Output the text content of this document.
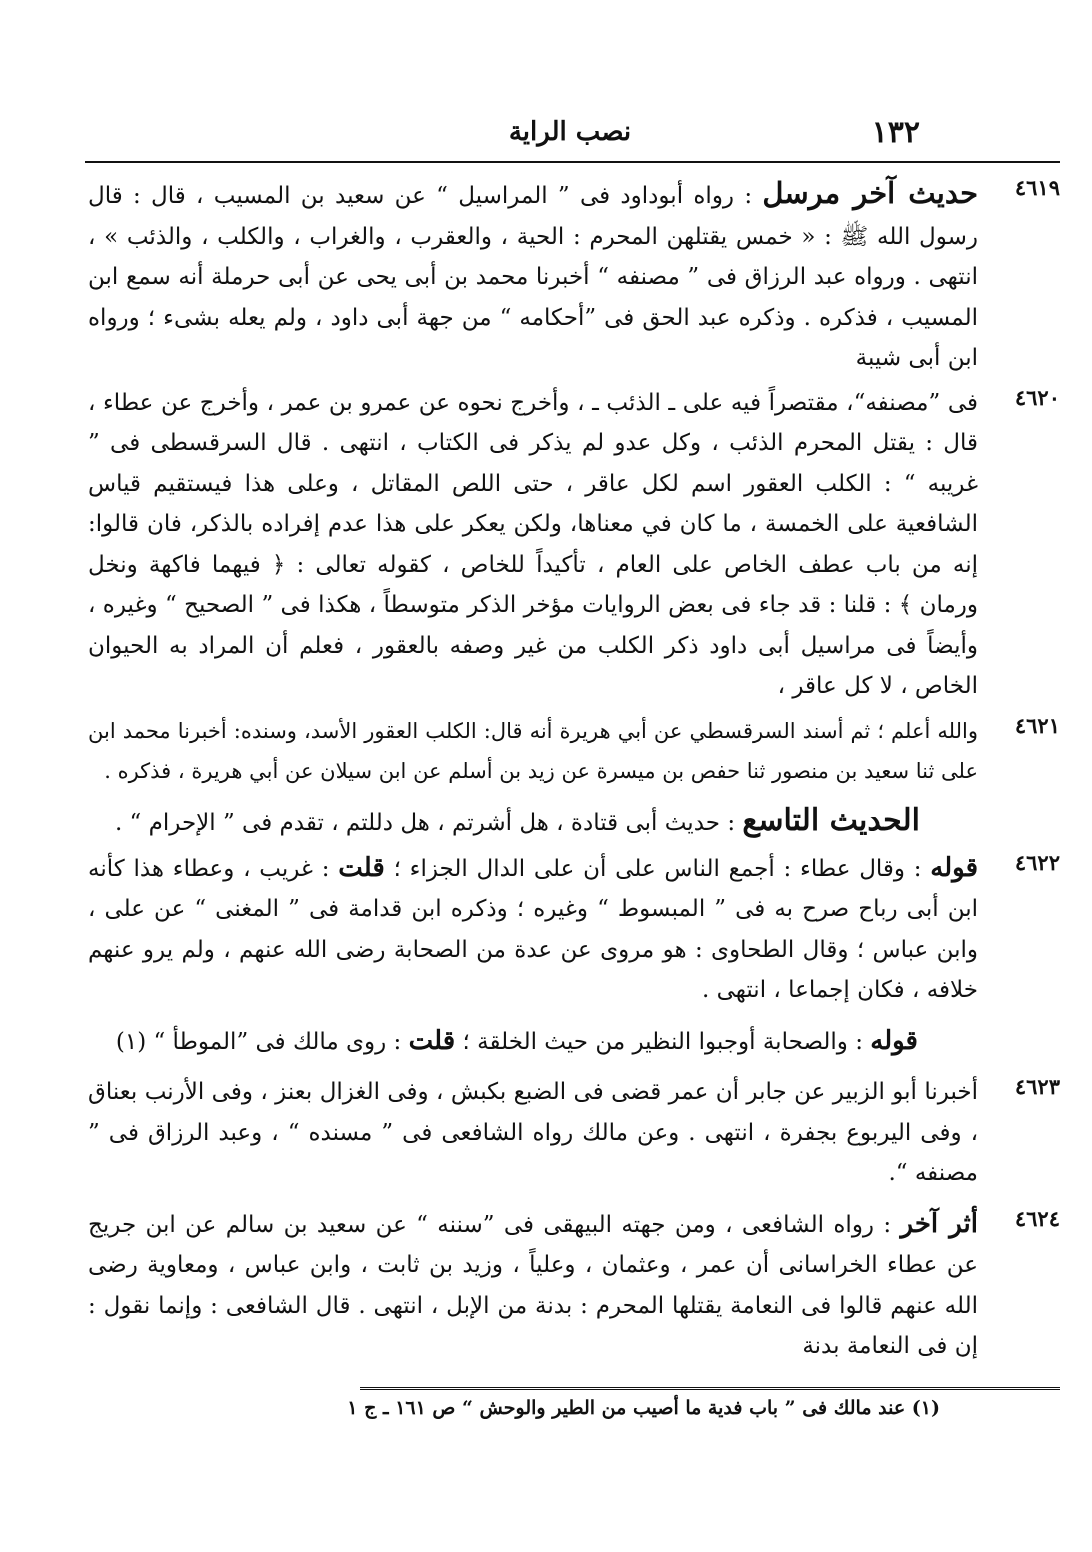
١٣٢
نصب الراية
٤٦١٩

حديث آخر مرسل : رواه أبوداود فى ” المراسيل “ عن سعيد بن المسيب ، قال : قال رسول الله ﷺ : « خمس يقتلهن المحرم : الحية ، والعقرب ، والغراب ، والكلب ، والذئب » ، انتهى . ورواه عبد الرزاق فى ” مصنفه “ أخبرنا محمد بن أبى يحى عن أبى حرملة أنه سمع ابن المسيب ، فذكره . وذكره عبد الحق فى ”أحكامه “ من جهة أبى داود ، ولم يعله بشىء ؛ ورواه ابن أبى شيبة

٤٦٢٠

فى ”مصنفه“، مقتصراً فيه على ـ الذئب ـ ، وأخرج نحوه عن عمرو بن عمر ، وأخرج عن عطاء ، قال : يقتل المحرم الذئب ، وكل عدو لم يذكر فى الكتاب ، انتهى . قال السرقسطى فى ” غريبه “ : الكلب العقور اسم لكل عاقر ، حتى اللص المقاتل ، وعلى هذا فيستقيم قياس الشافعية على الخمسة ، ما كان في معناها، ولكن يعكر على هذا عدم إفراده بالذكر، فان قالوا: إنه من باب عطف الخاص على العام ، تأكيداً للخاص ، كقوله تعالى : ﴿ فيهما فاكهة ونخل ورمان ﴾ : قلنا : قد جاء فى بعض الروايات مؤخر الذكر متوسطاً ، هكذا فى ” الصحيح “ وغيره ، وأيضاً فى مراسيل أبى داود ذكر الكلب من غير وصفه بالعقور ، فعلم أن المراد به الحيوان الخاص ، لا كل عاقر ،

٤٦٢١

والله أعلم ؛ ثم أسند السرقسطي عن أبي هريرة أنه قال: الكلب العقور الأسد، وسنده: أخبرنا محمد ابن على ثنا سعيد بن منصور ثنا حفص بن ميسرة عن زيد بن أسلم عن ابن سيلان عن أبي هريرة ، فذكره .

الحديث التاسع : حديث أبى قتادة ، هل أشرتم ، هل دللتم ، تقدم فى ” الإحرام “ .

٤٦٢٢

قوله : وقال عطاء : أجمع الناس على أن على الدال الجزاء ؛ قلت : غريب ، وعطاء هذا كأنه ابن أبى رباح صرح به فى ” المبسوط “ وغيره ؛ وذكره ابن قدامة فى ” المغنى “ عن على ، وابن عباس ؛ وقال الطحاوى : هو مروى عن عدة من الصحابة رضى الله عنهم ، ولم يرو عنهم خلافه ، فكان إجماعا ، انتهى .

قوله : والصحابة أوجبوا النظير من حيث الخلقة ؛ قلت : روى مالك فى ”الموطأ “ (١)

٤٦٢٣

أخبرنا أبو الزبير عن جابر أن عمر قضى فى الضبع بكبش ، وفى الغزال بعنز ، وفى الأرنب بعناق ، وفى اليربوع بجفرة ، انتهى . وعن مالك رواه الشافعى فى ” مسنده “ ، وعبد الرزاق فى ” مصنفه “.

٤٦٢٤

أثر آخر : رواه الشافعى ، ومن جهته البيهقى فى ”سننه “ عن سعيد بن سالم عن ابن جريج عن عطاء الخراسانى أن عمر ، وعثمان ، وعلياً ، وزيد بن ثابت ، وابن عباس ، ومعاوية رضى الله عنهم قالوا فى النعامة يقتلها المحرم : بدنة من الإبل ، انتهى . قال الشافعى : وإنما نقول : إن فى النعامة بدنة

(١) عند مالك فى ” باب فدية ما أصيب من الطير والوحش “ ص ١٦١ ـ ج ١
